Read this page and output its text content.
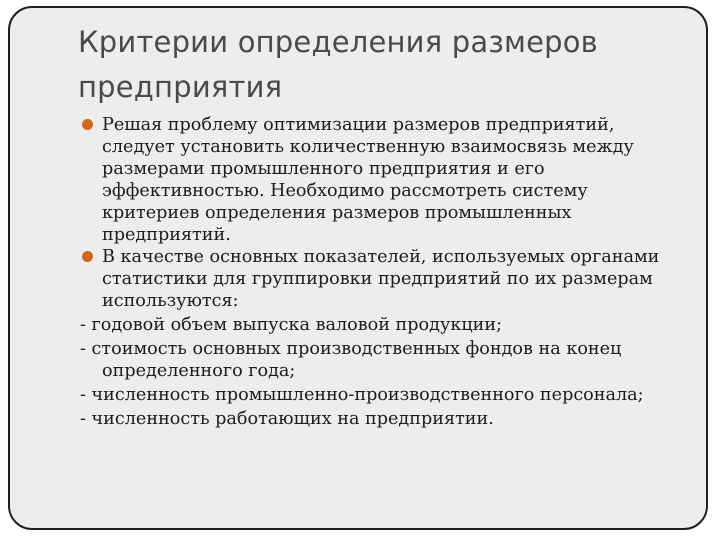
Критерии определения размеров предприятия
Решая проблему оптимизации размеров предприятий, следует установить количественную взаимосвязь между размерами промышленного предприятия и его эффективностью. Необходимо рассмотреть систему критериев определения размеров промышленных предприятий.
В качестве основных показателей, используемых органами статистики для группировки предприятий по их размерам используются:
- годовой объем выпуска валовой продукции;
- стоимость основных производственных фондов на конец определенного года;
- численность промышленно-производственного персонала;
- численность работающих на предприятии.
